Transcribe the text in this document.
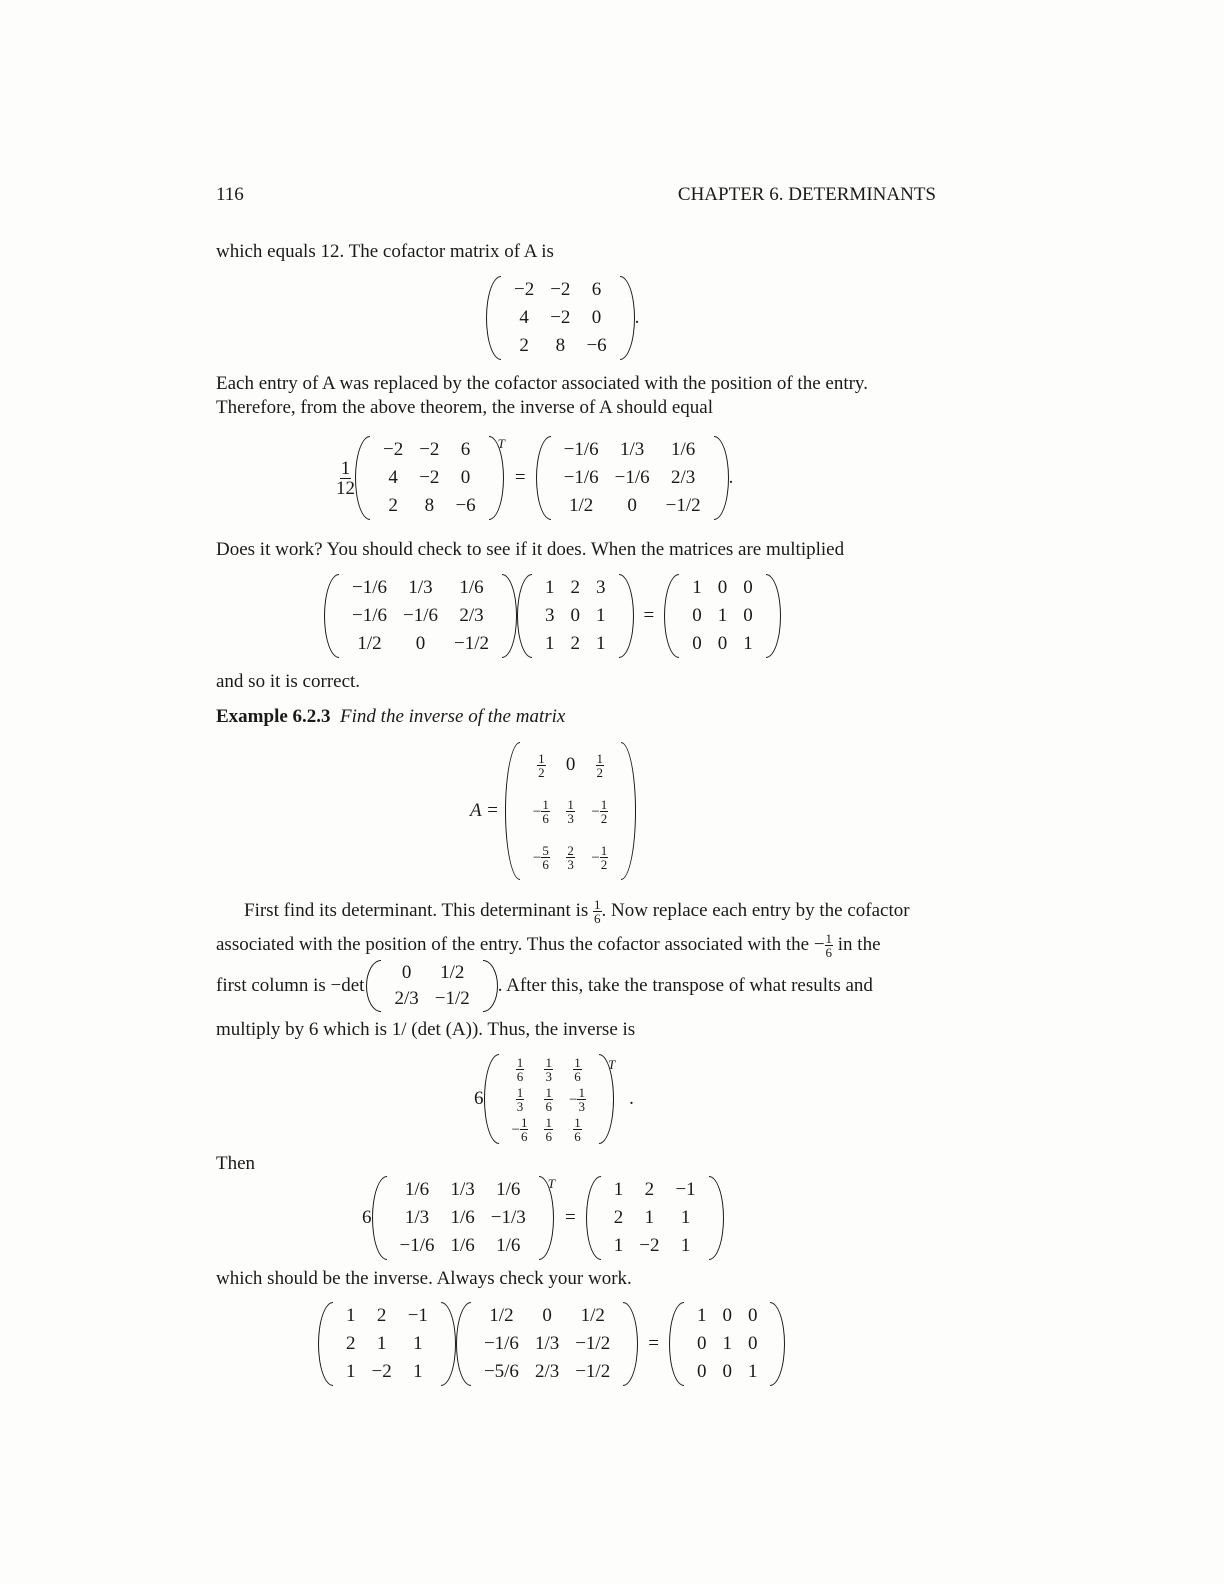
116	CHAPTER 6. DETERMINANTS
which equals 12. The cofactor matrix of A is
−2	−2	6
4	−2	0
2	8	−6
.
Each entry of A was replaced by the cofactor associated with the position of the entry.
Therefore, from the above theorem, the inverse of A should equal
$\frac{1}{12}$
−2	−2	6
4	−2	0
2	8	−6
$^T$
=
−1/6	1/3	1/6
−1/6	−1/6	2/3
1/2	0	−1/2
.
Does it work? You should check to see if it does. When the matrices are multiplied
−1/6	1/3	1/6
−1/6	−1/6	2/3
1/2	0	−1/2
1	2	3
3	0	1
1	2	1
=
1	0	0
0	1	0
0	0	1
and so it is correct.
Example 6.2.3 Find the inverse of the matrix
A =
$\frac{1}{2}$	0	$\frac{1}{2}$

− $\frac{1}{6}$	$\frac{1}{3}$	− $\frac{1}{2}$

− $\frac{5}{6}$	$\frac{2}{3}$	− $\frac{1}{2}$
First find its determinant. This determinant is $\frac{1}{6}$ . Now replace each entry by the cofactor
associated with the position of the entry. Thus the cofactor associated with the − $\frac{1}{6}$ in the
first column is −det
0	1/2
2/3	−1/2
. After this, take the transpose of what results and
multiply by 6 which is 1/ (det (A)). Thus, the inverse is
6
$\frac{1}{6}$	$\frac{1}{3}$	$\frac{1}{6}$

$\frac{1}{3}$	$\frac{1}{6}$	− $\frac{1}{3}$

− $\frac{1}{6}$	$\frac{1}{6}$	$\frac{1}{6}$
$^T$
.
Then
6
1/6	1/3	1/6
1/3	1/6	−1/3
−1/6	1/6	1/6
$^T$
=
1	2	−1
2	1	1
1	−2	1
which should be the inverse. Always check your work.
1	2	−1
2	1	1
1	−2	1
1/2	0	1/2
−1/6	1/3	−1/2
−5/6	2/3	−1/2
=
1	0	0
0	1	0
0	0	1
